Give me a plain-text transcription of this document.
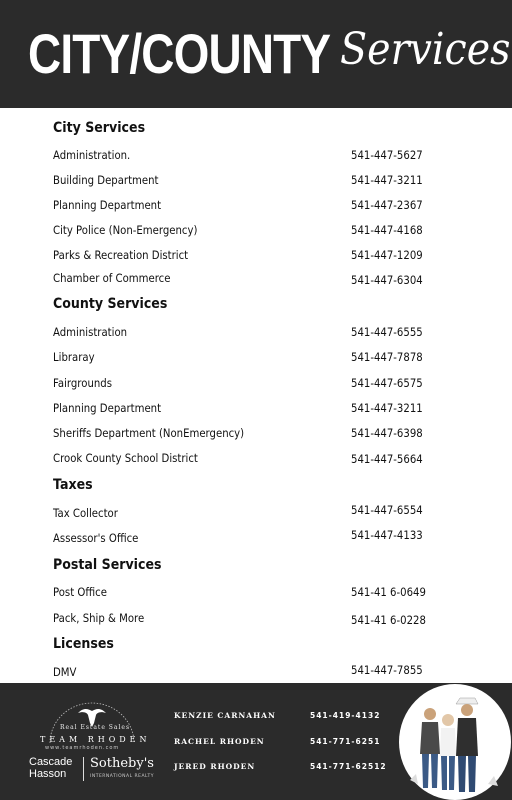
CITY/COUNTY Services
City Services
Administration.	541-447-5627
Building Department	541-447-3211
Planning Department	541-447-2367
City Police (Non-Emergency)	541-447-4168
Parks & Recreation District	541-447-1209
Chamber of Commerce	541-447-6304
County Services
Administration	541-447-6555
Libraray	541-447-7878
Fairgrounds	541-447-6575
Planning Department	541-447-3211
Sheriffs Department (NonEmergency)	541-447-6398
Crook County School District	541-447-5664
Taxes
Tax Collector	541-447-6554
Assessor's Office	541-447-4133
Postal Services
Post Office	541-41 6-0649
Pack, Ship & More	541-41 6-0228
Licenses
DMV	541-447-7855
Real Estate Sales
TEAM RHODEN
www.teamrhoden.com
Cascade
Hasson
Sotheby's
INTERNATIONAL REALTY
KENZIE CARNAHAN	541-419-4132
RACHEL RHODEN	541-771-6251
JERED RHODEN	541-771-62512
